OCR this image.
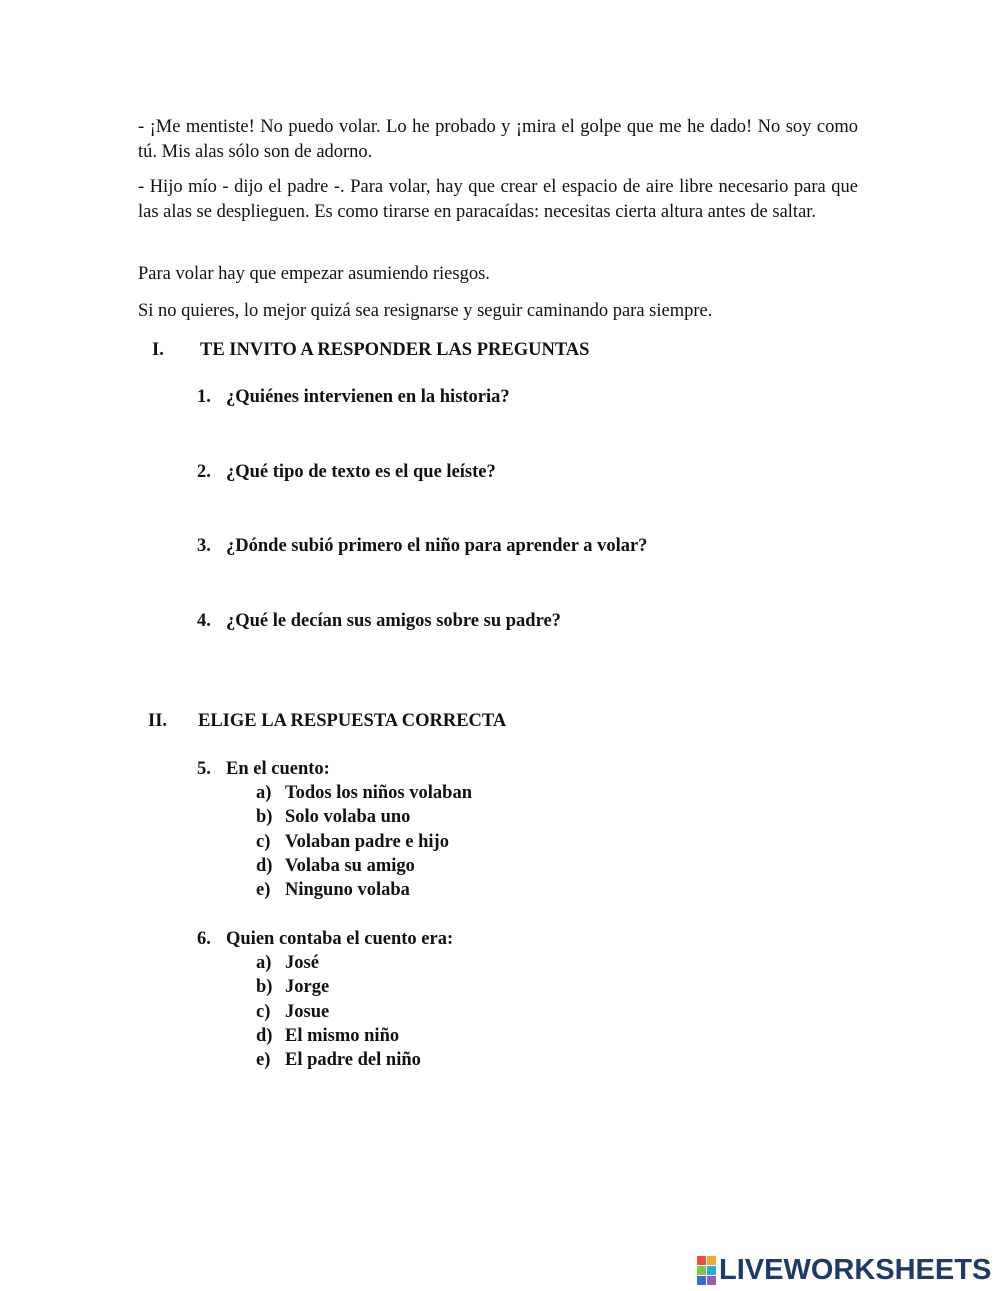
- ¡Me mentiste! No puedo volar. Lo he probado y ¡mira el golpe que me he dado! No soy como tú. Mis alas sólo son de adorno.

- Hijo mío - dijo el padre -. Para volar, hay que crear el espacio de aire libre necesario para que las alas se desplieguen. Es como tirarse en paracaídas: necesitas cierta altura antes de saltar.

Para volar hay que empezar asumiendo riesgos.

Si no quieres, lo mejor quizá sea resignarse y seguir caminando para siempre.

I. TE INVITO A RESPONDER LAS PREGUNTAS
1. ¿Quiénes intervienen en la historia?
2. ¿Qué tipo de texto es el que leíste?
3. ¿Dónde subió primero el niño para aprender a volar?
4. ¿Qué le decían sus amigos sobre su padre?
II. ELIGE LA RESPUESTA CORRECTA
5. En el cuento:
a) Todos los niños volaban
b) Solo volaba uno
c) Volaban padre e hijo
d) Volaba su amigo
e) Ninguno volaba
6. Quien contaba el cuento era:
a) José
b) Jorge
c) Josue
d) El mismo niño
e) El padre del niño
LIVEWORKSHEETS
